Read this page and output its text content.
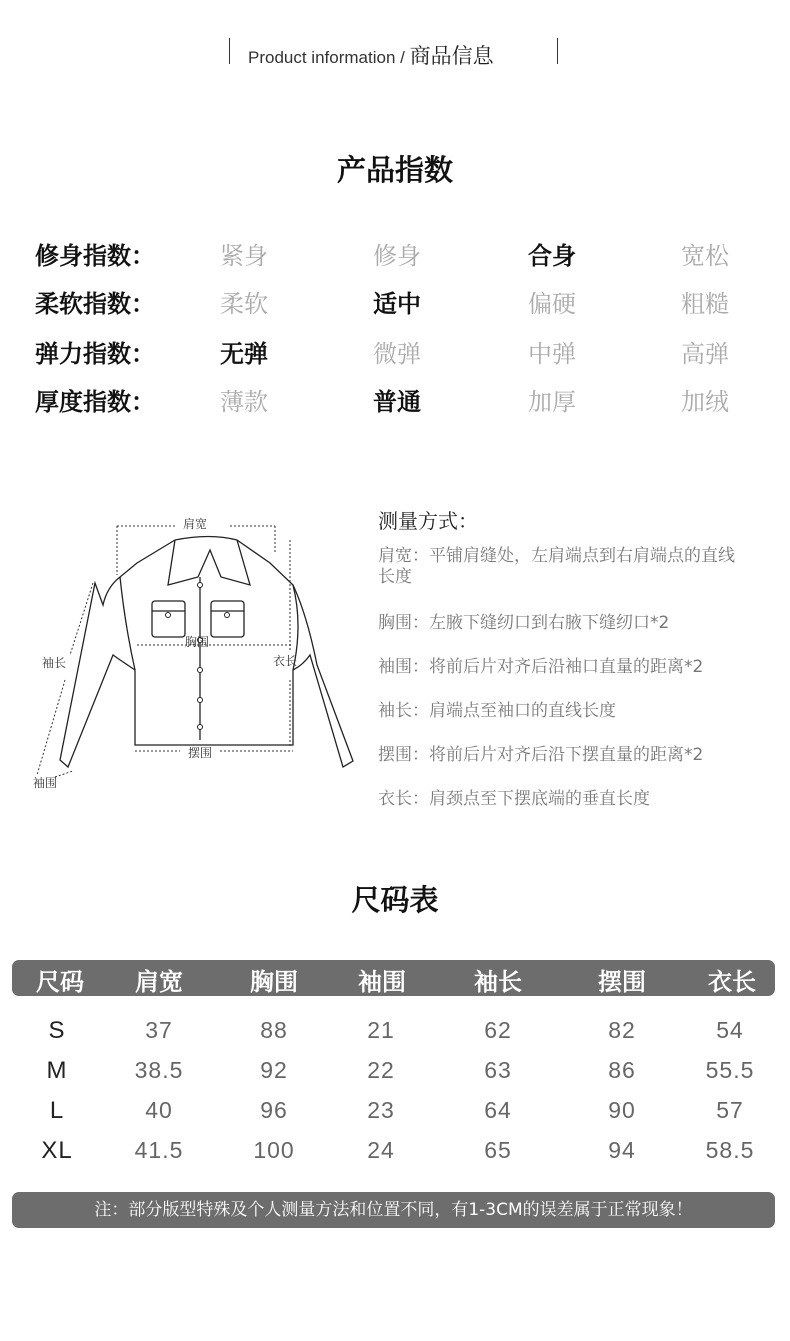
Product information / 商品信息
产品指数
修身指数：	紧身	修身	合身	宽松
柔软指数：	柔软	适中	偏硬	粗糙
弹力指数：	无弹	微弹	中弹	高弹
厚度指数：	薄款	普通	加厚	加绒
肩宽
胸围
袖长	衣长
摆围
袖围
测量方式：
肩宽：平铺肩缝处，左肩端点到右肩端点的直线长度
胸围：左腋下缝纫口到右腋下缝纫口*2
袖围：将前后片对齐后沿袖口直量的距离*2
袖长：肩端点至袖口的直线长度
摆围：将前后片对齐后沿下摆直量的距离*2
衣长：肩颈点至下摆底端的垂直长度
尺码表
尺码 肩宽	胸围	袖围	袖长	摆围	衣长
S	37	88	21	62	82	54
M	38.5	92	22	63	86	55.5
L	40	96	23	64	90	57
XL	41.5	100	24	65	94	58.5
注：部分版型特殊及个人测量方法和位置不同，有1-3CM的误差属于正常现象！
